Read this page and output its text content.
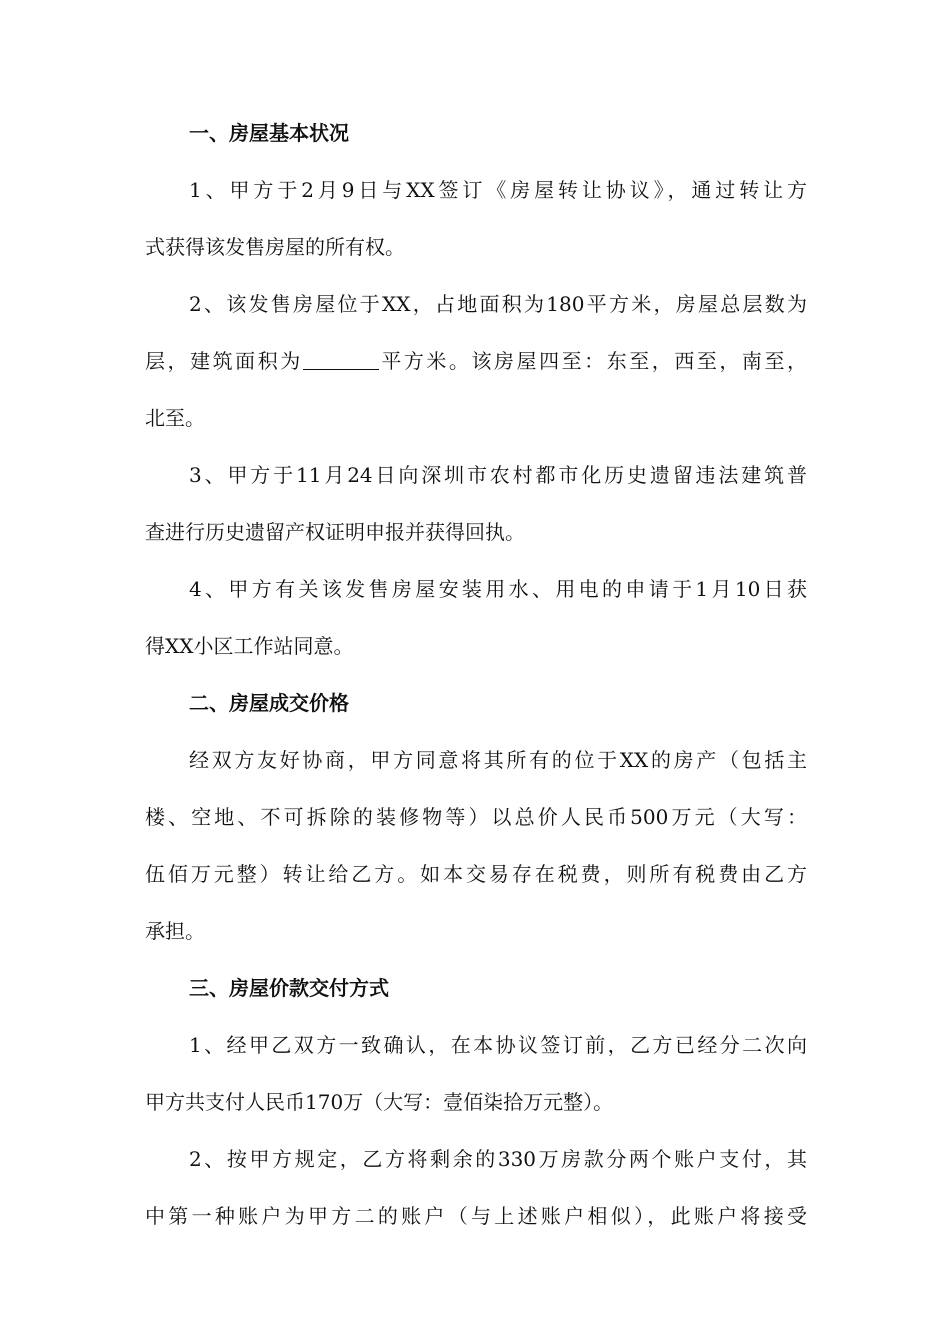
一、房屋基本状况

1、甲方于2月9日与XX签订《房屋转让协议》，通过转让方
式获得该发售房屋的所有权。

2、该发售房屋位于XX，占地面积为180平方米，房屋总层数为
层，建筑面积为	平方米。该房屋四至：东至，西至，南至，
北至。

3、甲方于11月24日向深圳市农村都市化历史遗留违法建筑普
查进行历史遗留产权证明申报并获得回执。

4、甲方有关该发售房屋安装用水、用电的申请于1月10日获
得XX小区工作站同意。

二、房屋成交价格

经双方友好协商，甲方同意将其所有的位于XX的房产（包括主
楼、空地、不可拆除的装修物等）以总价人民币500万元（大写：
伍佰万元整）转让给乙方。如本交易存在税费，则所有税费由乙方
承担。

三、房屋价款交付方式

1、经甲乙双方一致确认，在本协议签订前，乙方已经分二次向
甲方共支付人民币170万（大写：壹佰柒拾万元整）。

2、按甲方规定，乙方将剩余的330万房款分两个账户支付，其
中第一种账户为甲方二的账户（与上述账户相似），此账户将接受
